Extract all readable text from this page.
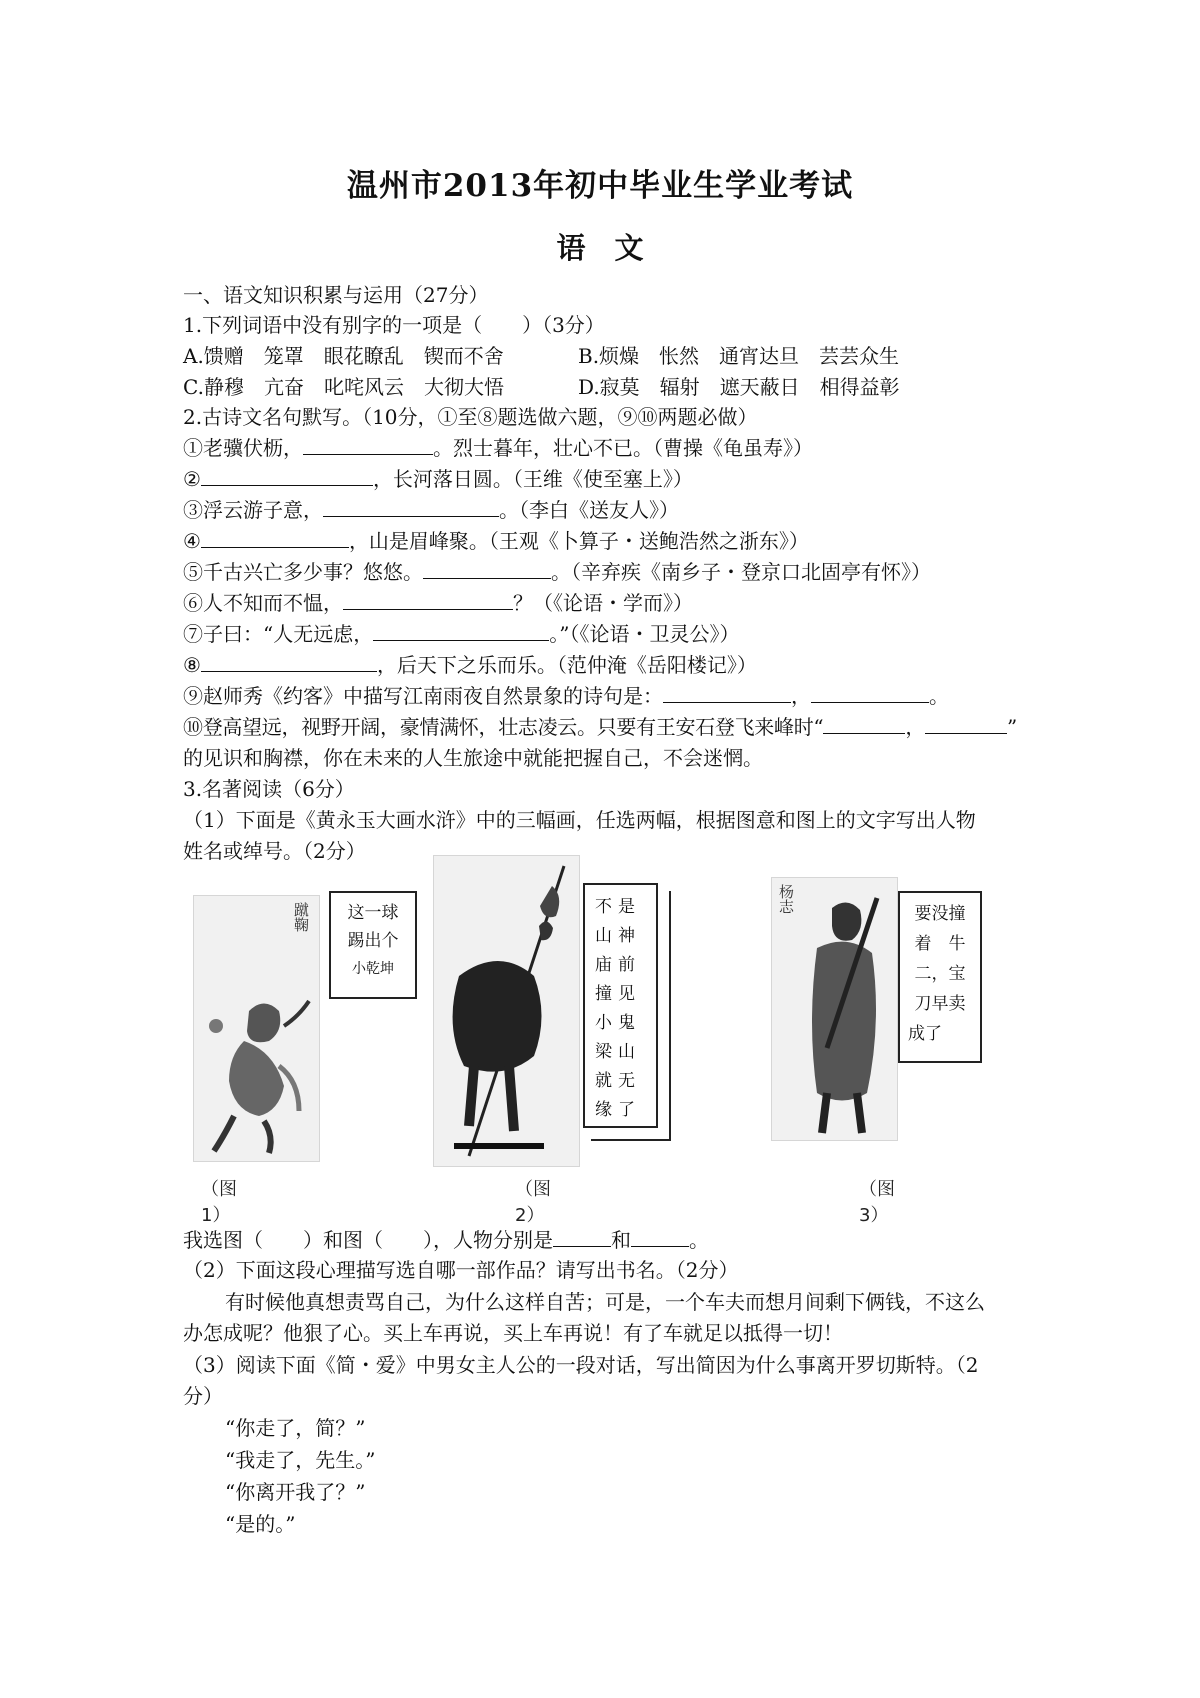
温州市2013年初中毕业生学业考试
语　文
一、语文知识积累与运用（27分）
1.下列词语中没有别字的一项是（　　）（3分）
A.馈赠　笼罩　眼花瞭乱　锲而不舍	B.烦燥　怅然　通宵达旦　芸芸众生
C.静穆　亢奋　叱咤风云　大彻大悟	D.寂莫　辐射　遮天蔽日　相得益彰
2.古诗文名句默写。（10分，①至⑧题选做六题，⑨⑩两题必做）
①老骥伏枥，	。烈士暮年，壮心不已。（曹操《龟虽寿》）
②	，长河落日圆。（王维《使至塞上》）
③浮云游子意，	。（李白《送友人》）
④	，山是眉峰聚。（王观《卜算子・送鲍浩然之浙东》）
⑤千古兴亡多少事？悠悠。	。（辛弃疾《南乡子・登京口北固亭有怀》）
⑥人不知而不愠，	？（《论语・学而》）
⑦子曰：“人无远虑，	。”（《论语・卫灵公》）
⑧	，后天下之乐而乐。（范仲淹《岳阳楼记》）
⑨赵师秀《约客》中描写江南雨夜自然景象的诗句是：	，	。
⑩登高望远，视野开阔，豪情满怀，壮志凌云。只要有王安石登飞来峰时“	，	”
的见识和胸襟，你在未来的人生旅途中就能把握自己，不会迷惘。
3.名著阅读（6分）
（1）下面是《黄永玉大画水浒》中的三幅画，任选两幅，根据图意和图上的文字写出人物
姓名或绰号。（2分）
蹴鞠	这一球
踢出个
小乾坤
（图 1）
不是山神庙前撞见小鬼梁山就无缘了
（图 2）
杨志	要没撞
着　牛
二，宝
刀早卖
成了
（图 3）
我选图（　　）和图（　　），人物分别是	和	。
（2）下面这段心理描写选自哪一部作品？请写出书名。（2分）
有时候他真想责骂自己，为什么这样自苦；可是，一个车夫而想月间剩下俩钱，不这么
办怎成呢？他狠了心。买上车再说，买上车再说！有了车就足以抵得一切！
（3）阅读下面《简・爱》中男女主人公的一段对话，写出简因为什么事离开罗切斯特。（2
分）
“你走了，简？”
“我走了，先生。”
“你离开我了？”
“是的。”
